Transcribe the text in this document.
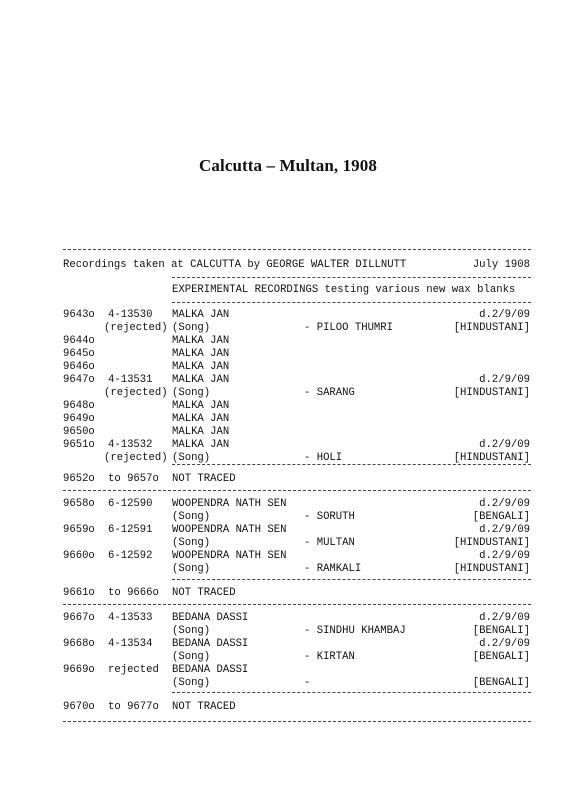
Calcutta – Multan, 1908

Recordings taken at CALCUTTA by GEORGE WALTER DILLNUTT

	July 1908

EXPERIMENTAL RECORDINGS testing various new wax blanks

9643o 4-13530 MALKA JAN	d.2/9/09
(rejected) (Song)	- PILOO THUMRI	[HINDUSTANI]
9644o	MALKA JAN
9645o	MALKA JAN
9646o	MALKA JAN
9647o 4-13531 MALKA JAN	d.2/9/09
(rejected) (Song)	- SARANG	[HINDUSTANI]
9648o	MALKA JAN
9649o	MALKA JAN
9650o	MALKA JAN
9651o 4-13532 MALKA JAN	d.2/9/09
(rejected) (Song)	- HOLI	[HINDUSTANI]
9652o to 9657o NOT TRACED
9658o 6-12590 WOOPENDRA NATH SEN	d.2/9/09
(Song)	- SORUTH	[BENGALI]
9659o 6-12591 WOOPENDRA NATH SEN	d.2/9/09
(Song)	- MULTAN	[HINDUSTANI]
9660o 6-12592 WOOPENDRA NATH SEN	d.2/9/09
(Song)	- RAMKALI	[HINDUSTANI]
9661o to 9666o NOT TRACED
9667o 4-13533 BEDANA DASSI	d.2/9/09
(Song)	- SINDHU KHAMBAJ	[BENGALI]
9668o 4-13534 BEDANA DASSI	d.2/9/09
(Song)	- KIRTAN	[BENGALI]
9669o rejected BEDANA DASSI
(Song)	-	[BENGALI]
9670o to 9677o NOT TRACED
